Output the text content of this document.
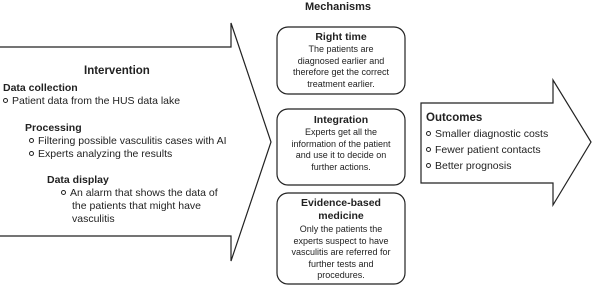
Mechanisms
Intervention
Data collection
Patient data from the HUS data lake
Processing
Filtering possible vasculitis cases with AI
Experts analyzing the results
Data display
An alarm that shows the data of
the patients that might have
vasculitis
Right time
The patients are
diagnosed earlier and
therefore get the correct
treatment earlier.
Integration
Experts get all the
information of the patient
and use it to decide on
further actions.
Evidence-based
medicine
Only the patients the
experts suspect to have
vasculitis are referred for
further tests and
procedures.
Outcomes
Smaller diagnostic costs
Fewer patient contacts
Better prognosis
